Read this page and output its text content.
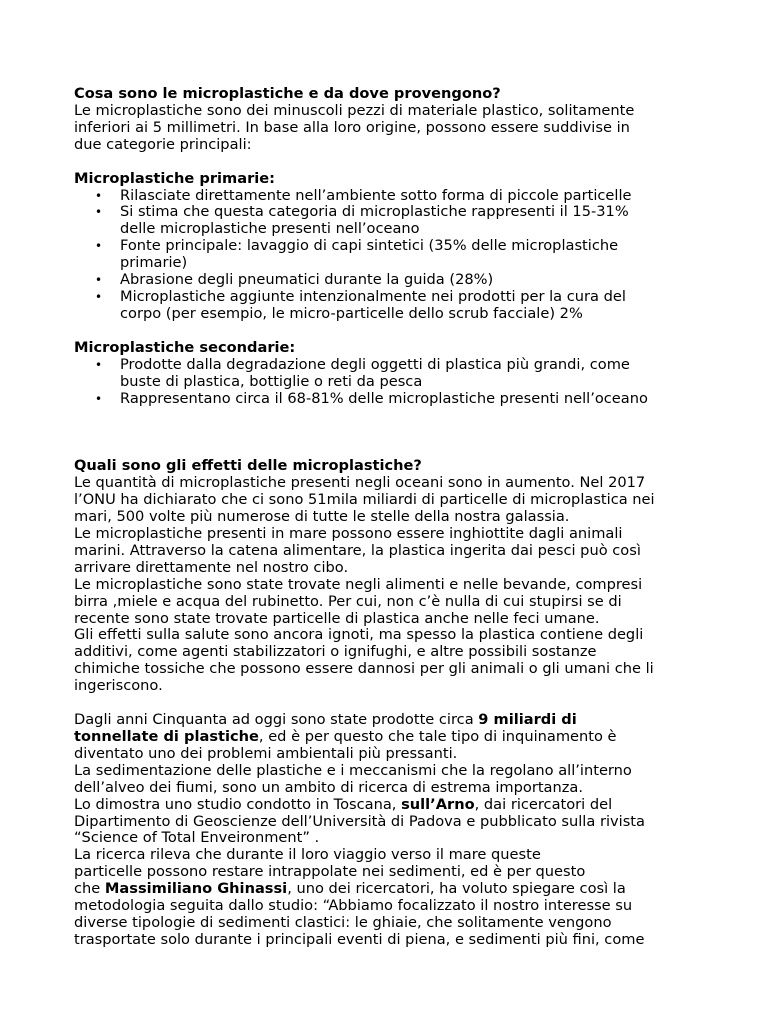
Cosa sono le microplastiche e da dove provengono?

Le microplastiche sono dei minuscoli pezzi di materiale plastico, solitamente

inferiori ai 5 millimetri. In base alla loro origine, possono essere suddivise in

due categorie principali:

Microplastiche primarie:

• Rilasciate direttamente nell’ambiente sotto forma di piccole particelle

• Si stima che questa categoria di microplastiche rappresenti il 15-31%

delle microplastiche presenti nell’oceano

• Fonte principale: lavaggio di capi sintetici (35% delle microplastiche

primarie)

• Abrasione degli pneumatici durante la guida (28%)

• Microplastiche aggiunte intenzionalmente nei prodotti per la cura del

corpo (per esempio, le micro-particelle dello scrub facciale) 2%

Microplastiche secondarie:

• Prodotte dalla degradazione degli oggetti di plastica più grandi, come

buste di plastica, bottiglie o reti da pesca

• Rappresentano circa il 68-81% delle microplastiche presenti nell’oceano

Quali sono gli effetti delle microplastiche?

Le quantità di microplastiche presenti negli oceani sono in aumento. Nel 2017

l’ONU ha dichiarato che ci sono 51mila miliardi di particelle di microplastica nei

mari, 500 volte più numerose di tutte le stelle della nostra galassia.

Le microplastiche presenti in mare possono essere inghiottite dagli animali

marini. Attraverso la catena alimentare, la plastica ingerita dai pesci può così

arrivare direttamente nel nostro cibo.

Le microplastiche sono state trovate negli alimenti e nelle bevande, compresi

birra ,miele e acqua del rubinetto. Per cui, non c’è nulla di cui stupirsi se di

recente sono state trovate particelle di plastica anche nelle feci umane.

Gli effetti sulla salute sono ancora ignoti, ma spesso la plastica contiene degli

additivi, come agenti stabilizzatori o ignifughi, e altre possibili sostanze

chimiche tossiche che possono essere dannosi per gli animali o gli umani che li

ingeriscono.

Dagli anni Cinquanta ad oggi sono state prodotte circa 9 miliardi di

tonnellate di plastiche, ed è per questo che tale tipo di inquinamento è

diventato uno dei problemi ambientali più pressanti.

La sedimentazione delle plastiche e i meccanismi che la regolano all’interno

dell’alveo dei fiumi, sono un ambito di ricerca di estrema importanza.

Lo dimostra uno studio condotto in Toscana, sull’Arno, dai ricercatori del

Dipartimento di Geoscienze dell’Università di Padova e pubblicato sulla rivista

“Science of Total Enveironment” .

La ricerca rileva che durante il loro viaggio verso il mare queste

particelle possono restare intrappolate nei sedimenti, ed è per questo

che Massimiliano Ghinassi, uno dei ricercatori, ha voluto spiegare così la

metodologia seguita dallo studio: “Abbiamo focalizzato il nostro interesse su

diverse tipologie di sedimenti clastici: le ghiaie, che solitamente vengono

trasportate solo durante i principali eventi di piena, e sedimenti più fini, come
